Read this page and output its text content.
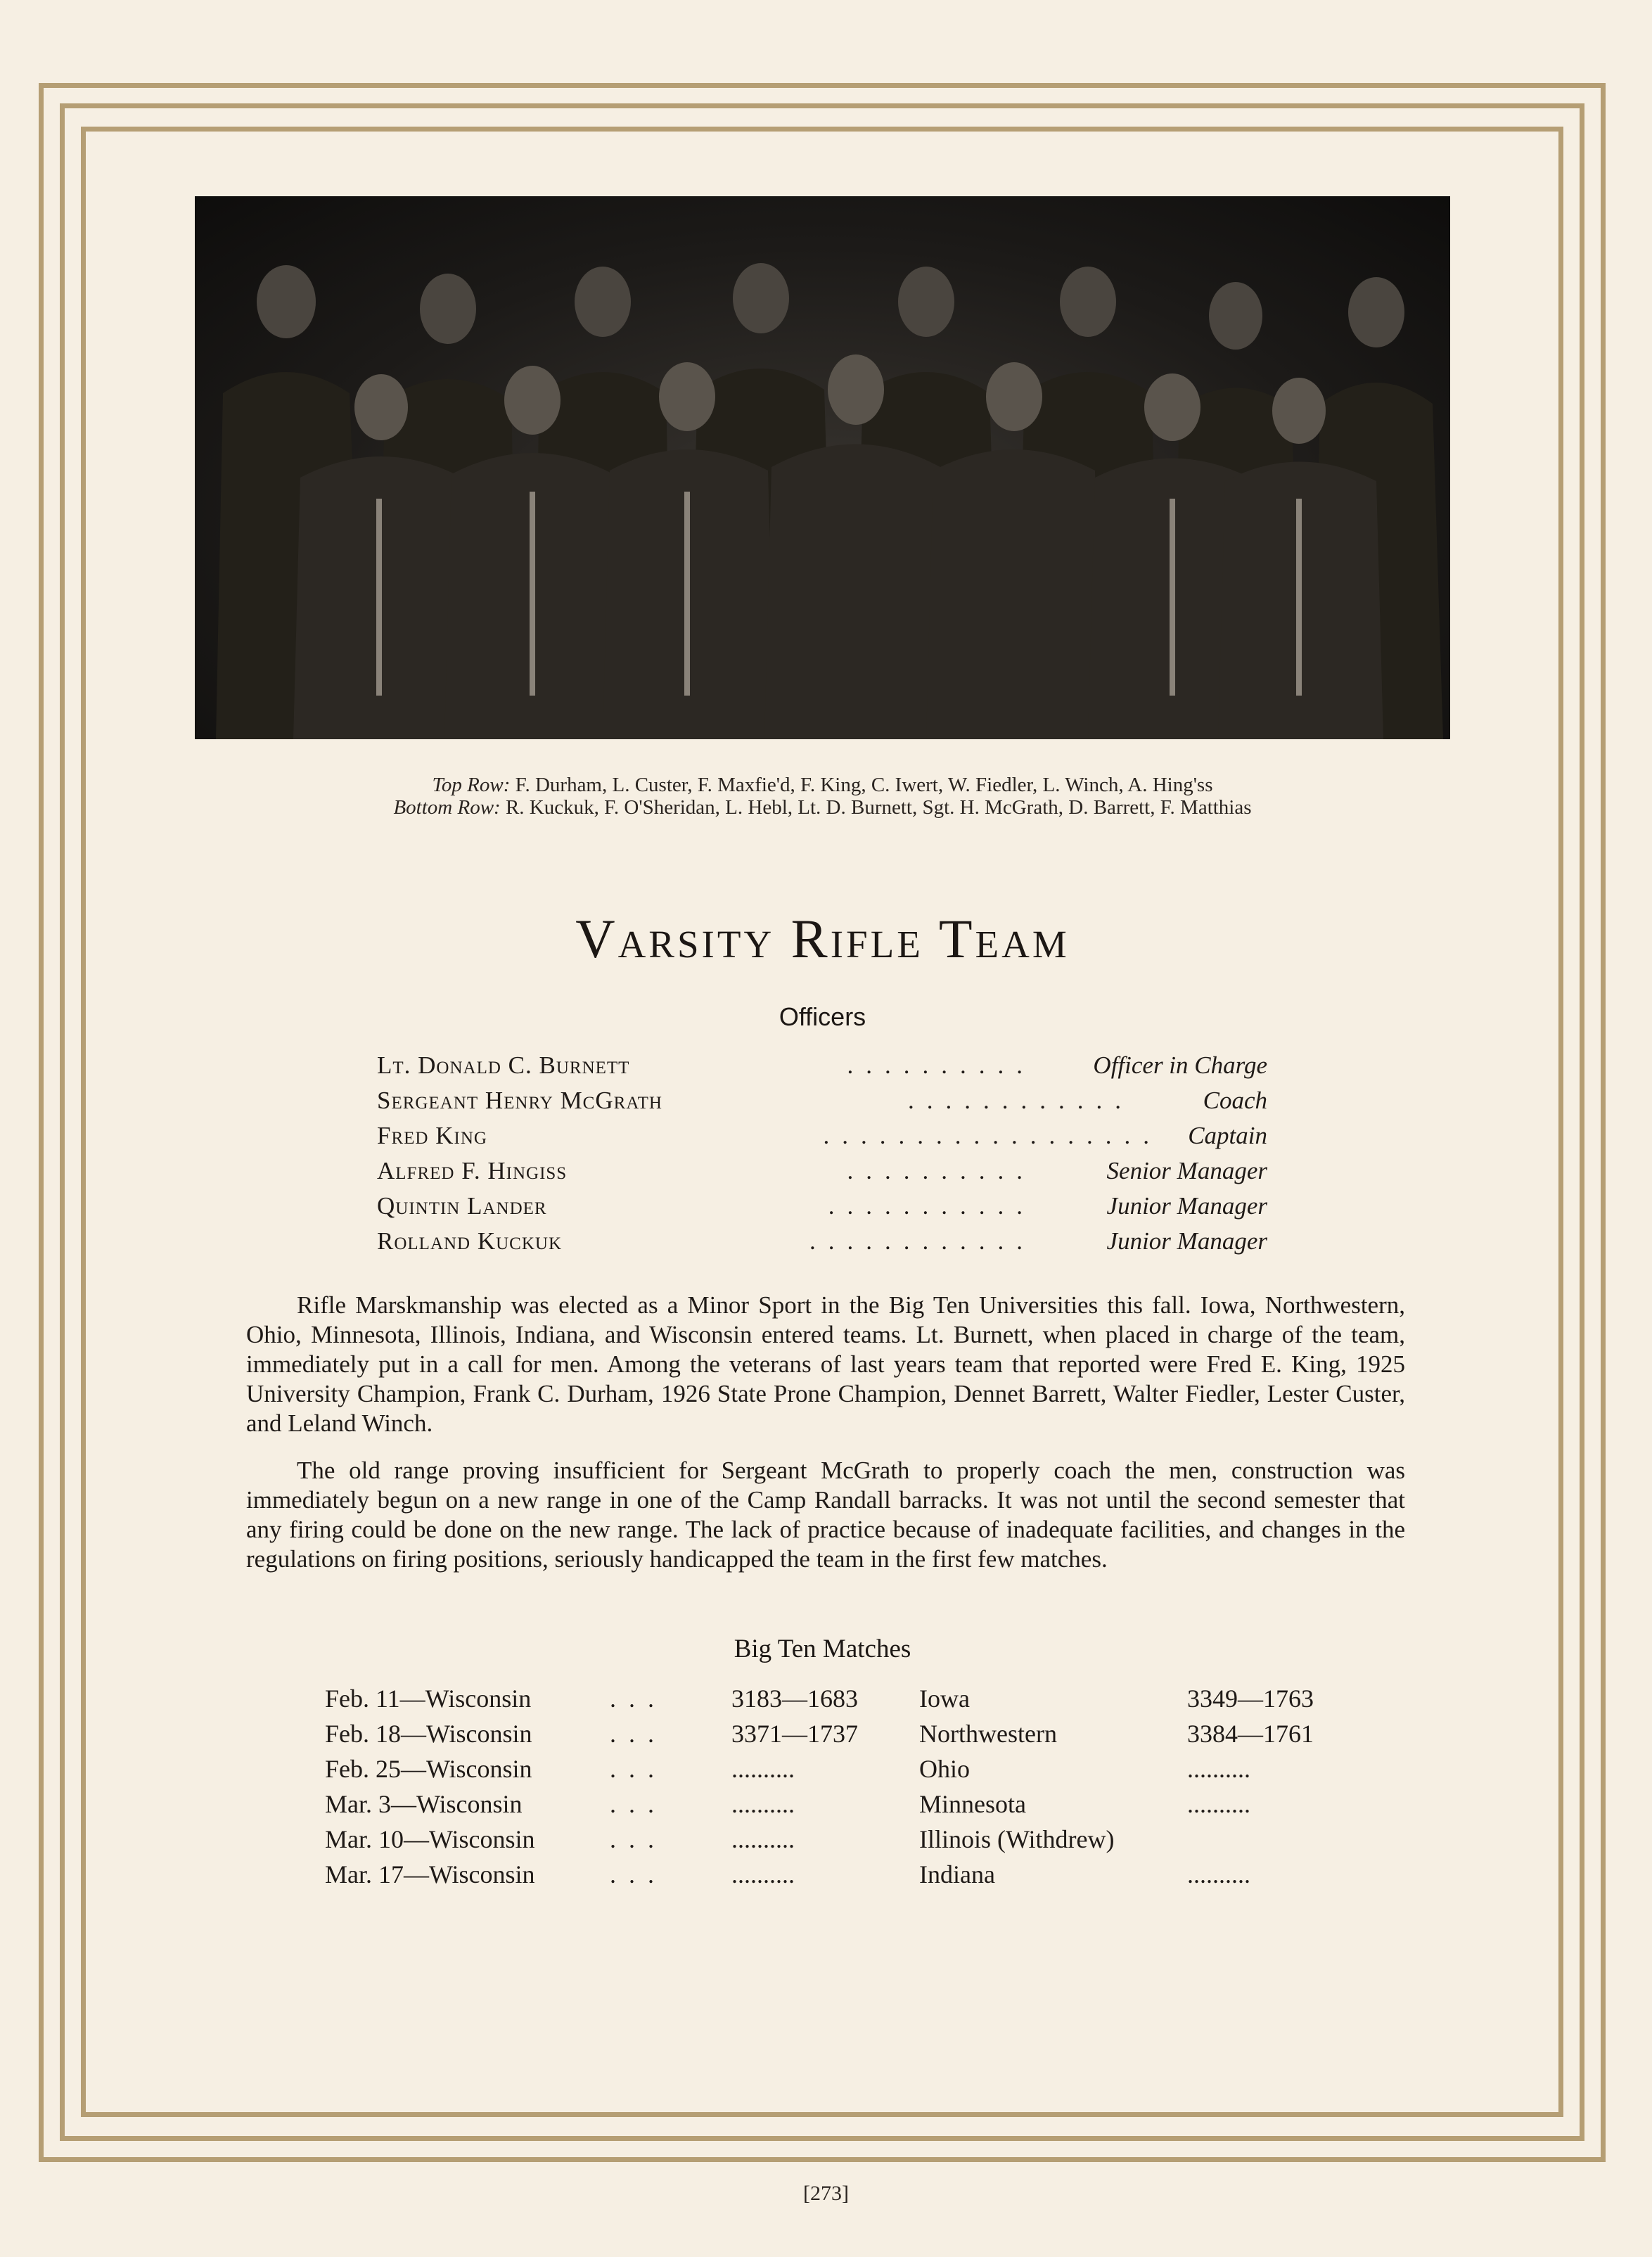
Top Row: F. Durham, L. Custer, F. Maxfie'd, F. King, C. Iwert, W. Fiedler, L. Winch, A. Hing'ss
Bottom Row: R. Kuckuk, F. O'Sheridan, L. Hebl, Lt. D. Burnett, Sgt. H. McGrath, D. Barrett, F. Matthias
Varsity Rifle Team
Officers
Lt. Donald C. Burnett	.......... Officer in Charge
Sergeant Henry McGrath	............	Coach
Fred King	.................. Captain
Alfred F. Hingiss	..........	Senior Manager
Quintin Lander	...........	Junior Manager
Rolland Kuckuk	............	Junior Manager

Rifle Marskmanship was elected as a Minor Sport in the Big Ten Universities this fall. Iowa, Northwestern, Ohio, Minnesota, Illinois, Indiana, and Wisconsin entered teams. Lt. Burnett, when placed in charge of the team, immediately put in a call for men. Among the veterans of last years team that reported were Fred E. King, 1925 University Champion, Frank C. Durham, 1926 State Prone Champion, Dennet Barrett, Walter Fiedler, Lester Custer, and Leland Winch.

The old range proving insufficient for Sergeant McGrath to properly coach the men, construction was immediately begun on a new range in one of the Camp Randall barracks. It was not until the second semester that any firing could be done on the new range. The lack of practice because of inadequate facilities, and changes in the regulations on firing positions, seriously handicapped the team in the first few matches.

Big Ten Matches
Feb. 11—Wisconsin	...	3183—1683 Iowa	3349—1763
Feb. 18—Wisconsin	...	3371—1737 Northwestern	3384—1761
Feb. 25—Wisconsin	...	..........	Ohio	..........
Mar. 3—Wisconsin	...	..........	Minnesota	..........
Mar. 10—Wisconsin	...	..........	Illinois (Withdrew)
Mar. 17—Wisconsin	...	..........	Indiana	..........
[273]
